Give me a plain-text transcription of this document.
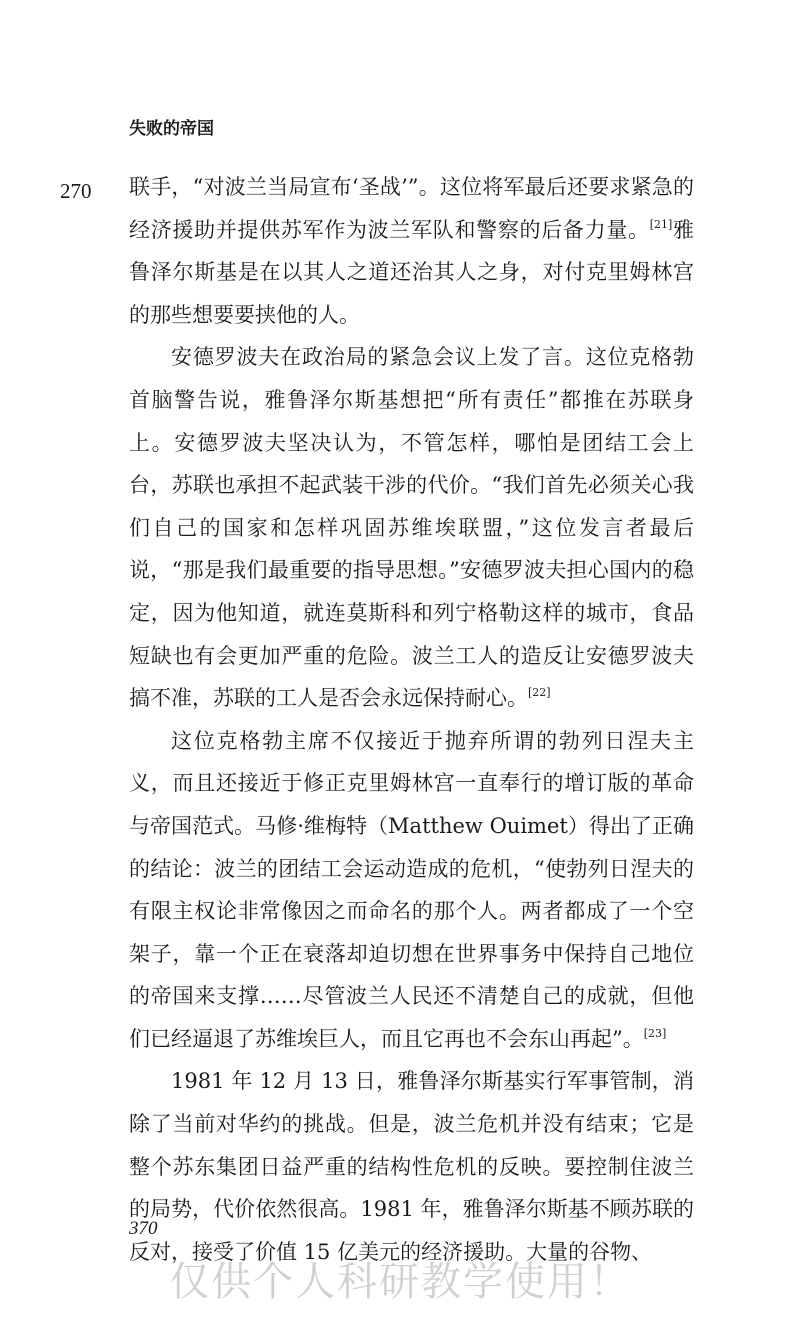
失败的帝国
270 联手，“对波兰当局宣布‘圣战’”。这位将军最后还要求紧急的经济援助并提供苏军作为波兰军队和警察的后备力量。[21]雅鲁泽尔斯基是在以其人之道还治其人之身，对付克里姆林宫的那些想要要挟他的人。

安德罗波夫在政治局的紧急会议上发了言。这位克格勃首脑警告说，雅鲁泽尔斯基想把“所有责任”都推在苏联身上。安德罗波夫坚决认为，不管怎样，哪怕是团结工会上台，苏联也承担不起武装干涉的代价。“我们首先必须关心我们自己的国家和怎样巩固苏维埃联盟，”这位发言者最后说，“那是我们最重要的指导思想。”安德罗波夫担心国内的稳定，因为他知道，就连莫斯科和列宁格勒这样的城市，食品短缺也有会更加严重的危险。波兰工人的造反让安德罗波夫搞不准，苏联的工人是否会永远保持耐心。[22]

这位克格勃主席不仅接近于抛弃所谓的勃列日涅夫主义，而且还接近于修正克里姆林宫一直奉行的增订版的革命与帝国范式。马修·维梅特（Matthew Ouimet）得出了正确的结论：波兰的团结工会运动造成的危机，“使勃列日涅夫的有限主权论非常像因之而命名的那个人。两者都成了一个空架子，靠一个正在衰落却迫切想在世界事务中保持自己地位的帝国来支撑……尽管波兰人民还不清楚自己的成就，但他们已经逼退了苏维埃巨人，而且它再也不会东山再起”。[23]

1981 年 12 月 13 日，雅鲁泽尔斯基实行军事管制，消除了当前对华约的挑战。但是，波兰危机并没有结束；它是整个苏东集团日益严重的结构性危机的反映。要控制住波兰的局势，代价依然很高。1981 年，雅鲁泽尔斯基不顾苏联的反对，接受了价值 15 亿美元的经济援助。大量的谷物、

370
仅供个人科研教学使用！
